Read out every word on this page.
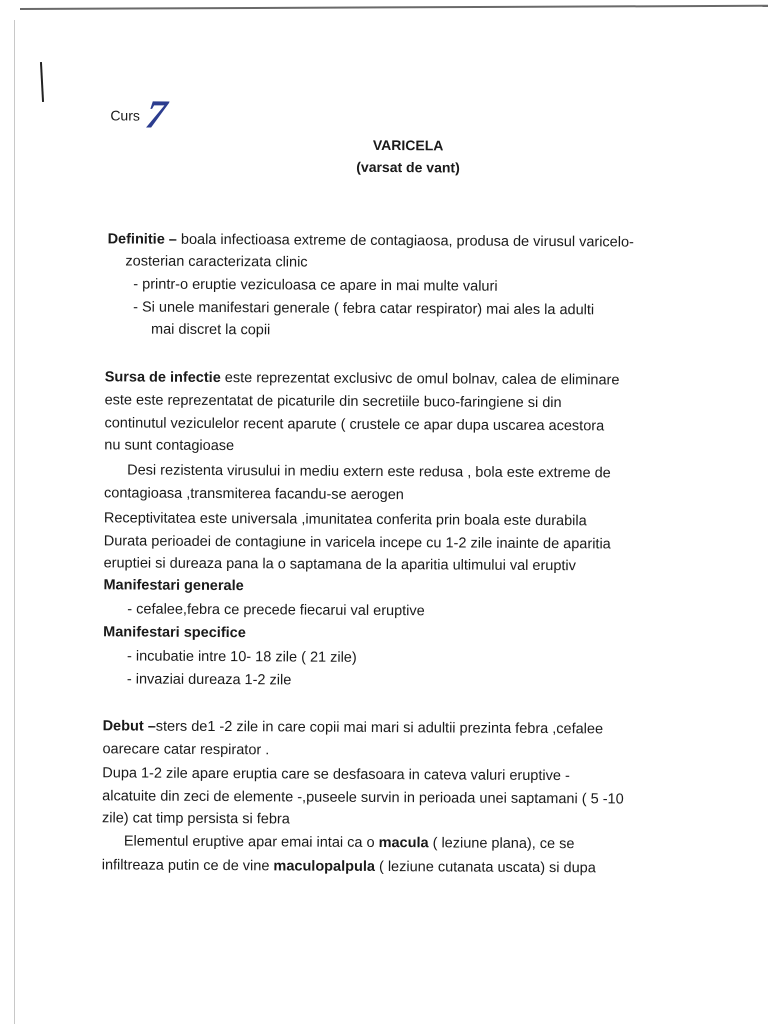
Curs 7
VARICELA
(varsat de vant)
Definitie – boala infectioasa extreme de contagiaosa, produsa de virusul varicelo-
zosterian caracterizata clinic
- printr-o eruptie veziculoasa ce apare in mai multe valuri
- Si unele manifestari generale ( febra catar respirator) mai ales la adulti
mai discret la copii
Sursa de infectie este reprezentat exclusivc de omul bolnav, calea de eliminare
este este reprezentatat de picaturile din secretiile buco-faringiene si din
continutul veziculelor recent aparute ( crustele ce apar dupa uscarea acestora
nu sunt contagioase
Desi rezistenta virusului in mediu extern este redusa , bola este extreme de
contagioasa ,transmiterea facandu-se aerogen
Receptivitatea este universala ,imunitatea conferita prin boala este durabila
Durata perioadei de contagiune in varicela incepe cu 1-2 zile inainte de aparitia
eruptiei si dureaza pana la o saptamana de la aparitia ultimului val eruptiv
Manifestari generale
- cefalee,febra ce precede fiecarui val eruptive
Manifestari specifice
- incubatie intre 10- 18 zile ( 21 zile)
- invaziai dureaza 1-2 zile
Debut –sters de1 -2 zile in care copii mai mari si adultii prezinta febra ,cefalee
oarecare catar respirator .
Dupa 1-2 zile apare eruptia care se desfasoara in cateva valuri eruptive -
alcatuite din zeci de elemente -,puseele survin in perioada unei saptamani ( 5 -10
zile) cat timp persista si febra
Elementul eruptive apar emai intai ca o macula ( leziune plana), ce se
infiltreaza putin ce de vine maculopalpula ( leziune cutanata uscata) si dupa
